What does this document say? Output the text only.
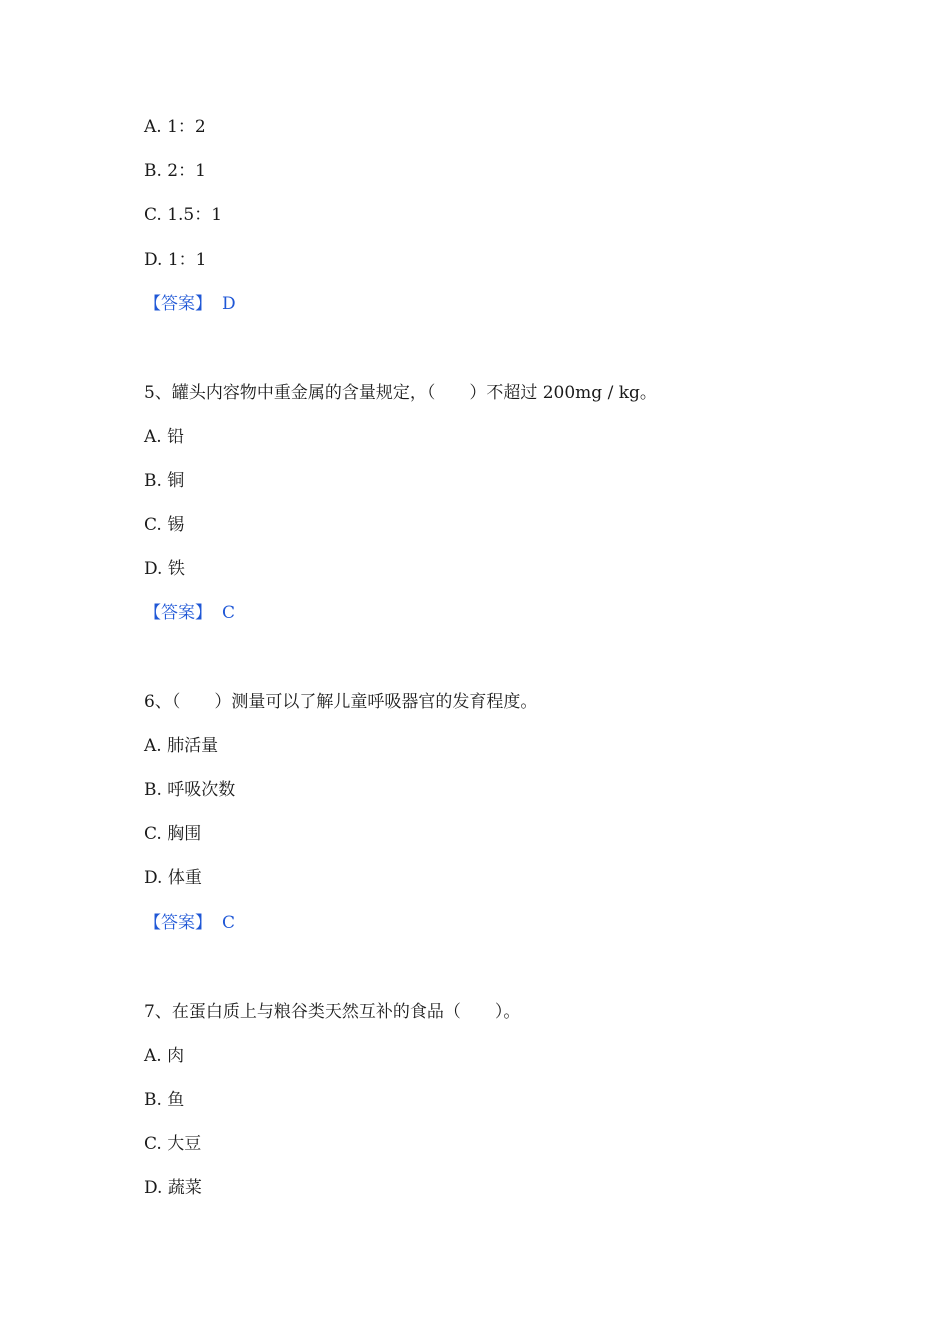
A. 1：2
B. 2：1
C. 1.5：1
D. 1：1
【答案】 D
5、罐头内容物中重金属的含量规定，（　　）不超过 200mg / kg。
A. 铅
B. 铜
C. 锡
D. 铁
【答案】 C
6、（　　）测量可以了解儿童呼吸器官的发育程度。
A. 肺活量
B. 呼吸次数
C. 胸围
D. 体重
【答案】 C
7、在蛋白质上与粮谷类天然互补的食品（　　）。
A. 肉
B. 鱼
C. 大豆
D. 蔬菜
